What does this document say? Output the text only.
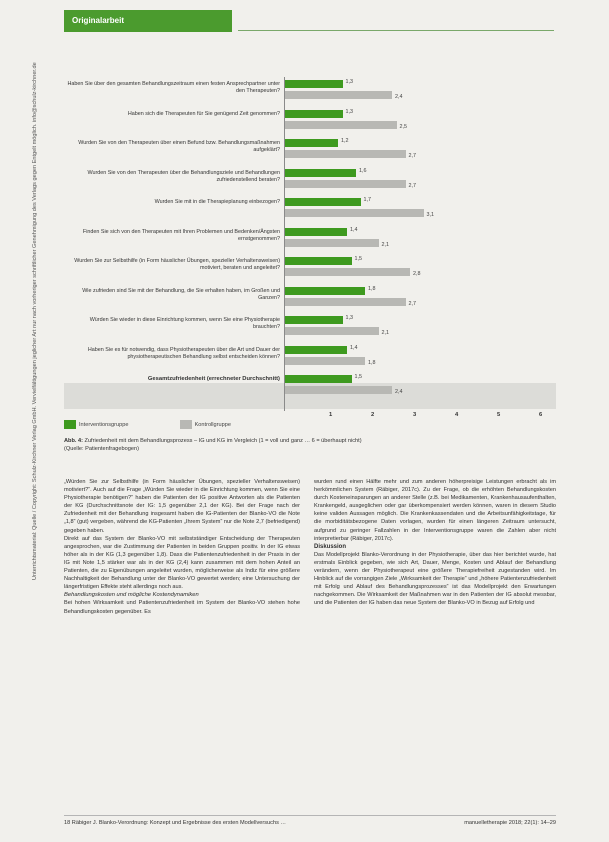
Unterrichtsmaterial: Quelle / Copyright: Schulz-Kirchner Verlag GmbH. Vervielfältigungen jeglicher Art nur nach vorheriger schriftlicher Genehmigung des Verlags gegen Entgelt möglich. info@schulz-kirchner.de
Originalarbeit
Haben Sie über den gesamten Behandlungszeitraum einen festen Ansprechpartner unter den Therapeuten?
Haben sich die Therapeuten für Sie genügend Zeit genommen?
Wurden Sie von den Therapeuten über einen Befund bzw. Behandlungsmaßnahmen aufgeklärt?
Wurden Sie von den Therapeuten über die Behandlungsziele und Behandlungen zufriedenstellend beraten?
Wurden Sie mit in die Therapieplanung einbezogen?
Finden Sie sich von den Therapeuten mit Ihren Problemen und Bedenken/Ängsten ernstgenommen?
Wurden Sie zur Selbsthilfe (in Form häuslicher Übungen, spezieller Verhaltensweisen) motiviert, beraten und angeleitet?
Wie zufrieden sind Sie mit der Behandlung, die Sie erhalten haben, im Großen und Ganzen?
Würden Sie wieder in diese Einrichtung kommen, wenn Sie eine Physiotherapie brauchten?
Haben Sie es für notwendig, dass Physiotherapeuten über die Art und Dauer der physiotherapeutischen Behandlung selbst entscheiden können?
Gesamtzufriedenheit (errechneter Durchschnitt)
1,3
2,4
1,3
2,5
1,2
2,7
1,6
2,7
1,7
3,1
1,4
2,1
1,5
2,8
1,8
2,7
1,3
2,1
1,4
1,8
1,5
2,4
1	2	3	4	5	6
Interventionsgruppe	Kontrollgruppe
Abb. 4: Zufriedenheit mit dem Behandlungsprozess – IG und KG im Vergleich (1 = voll und ganz … 6 = überhaupt nicht)
(Quelle: Patientenfragebogen)

„Würden Sie zur Selbsthilfe (in Form häuslicher Übungen, spezieller Verhaltensweisen) motiviert?“. Auch auf die Frage „Würden Sie wieder in die Einrichtung kommen, wenn Sie eine Physiotherapie benötigen?“ haben die Patienten der IG positive Antworten als die Patienten der KG (Durchschnittsnote der IG: 1,5 gegenüber 2,1 der KG). Bei der Frage nach der Zufriedenheit mit der Behandlung insgesamt haben die IG-Patienten der Blanko-VO die Note „1,8“ (gut) vergeben, während die KG-Patienten „Ihrem System“ nur die Note 2,7 (befriedigend) gegeben haben.

Direkt auf das System der Blanko-VO mit selbstständiger Entscheidung der Therapeuten angesprochen, war die Zustimmung der Patienten in beiden Gruppen positiv. In der IG etwas höher als in der KG (1,3 gegenüber 1,8). Dass die Patientenzufriedenheit in der Praxis in der IG mit Note 1,5 stärker war als in der KG (2,4) kann zusammen mit dem hohen Anteil an Patienten, die zu Eigenübungen angeleitet wurden, möglicherweise als Indiz für eine größere Nachhaltigkeit der Behandlung unter der Blanko-VO gewertet werden; eine Untersuchung der längerfristigen Effekte steht allerdings noch aus.

Behandlungskosten und mögliche Kostendynamiken

Bei hohen Wirksamkeit und Patientenzufriedenheit im System der Blanko-VO stehen hohe Behandlungskosten gegenüber. Es

wurden rund einen Hälfte mehr und zum anderen höherpreisige Leistungen erbracht als im herkömmlichen System (Räbiger, 2017c). Zu der Frage, ob die erhöhten Behandlungskosten durch Kosteneinsparungen an anderer Stelle (z.B. bei Medikamenten, Krankenhausaufenthalten, Krankengeld, ausgeglichen oder gar überkompensiert werden können, waren in diesem Studio keine validen Aussagen möglich. Die Krankenkassendaten und die Arbeitsunfähigkeitstage, für die morbiditätsbezogene Daten vorlagen, wurden für einen längeren Zeitraum untersucht, aufgrund zu geringer Fallzahlen in der Interventionsgruppe waren die Zahlen aber nicht interpretierbar (Räbiger, 2017c).

Diskussion

Das Modellprojekt Blanko-Verordnung in der Physiotherapie, über das hier berichtet wurde, hat erstmals Einblick gegeben, wie sich Art, Dauer, Menge, Kosten und Ablauf der Behandlung verändern, wenn der Physiotherapeut eine größere Therapiefreiheit zugestanden wird. Im Hinblick auf die vorrangigen Ziele „Wirksamkeit der Therapie“ und „höhere Patientenzufriedenheit mit Erfolg und Ablauf des Behandlungsprozesses“ ist das Modellprojekt den Erwartungen nachgekommen. Die Wirksamkeit der Maßnahmen war in den Patienten der IG absolut messbar, und die Patienten der IG haben das neue System der Blanko-VO in Bezug auf Erfolg und

18 Räbiger J. Blanko-Verordnung: Konzept und Ergebnisse des ersten Modellversuchs …	manuelletherapie 2018; 22(1): 14–29
